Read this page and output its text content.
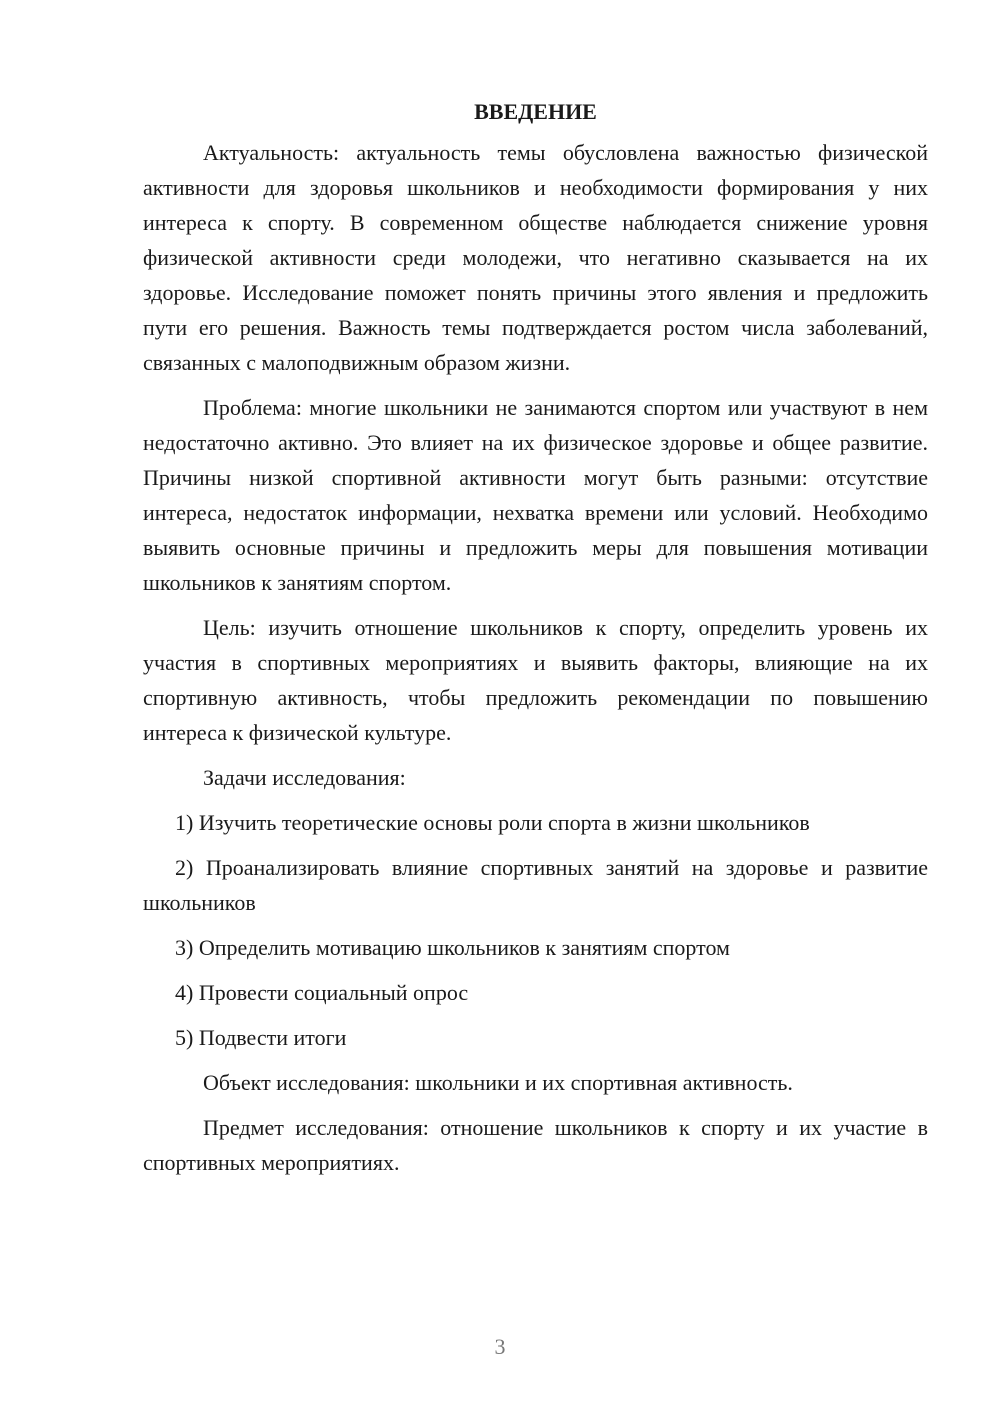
ВВЕДЕНИЕ

Актуальность: актуальность темы обусловлена важностью физической активности для здоровья школьников и необходимости формирования у них интереса к спорту. В современном обществе наблюдается снижение уровня физической активности среди молодежи, что негативно сказывается на их здоровье. Исследование поможет понять причины этого явления и предложить пути его решения. Важность темы подтверждается ростом числа заболеваний, связанных с малоподвижным образом жизни.

Проблема: многие школьники не занимаются спортом или участвуют в нем недостаточно активно. Это влияет на их физическое здоровье и общее развитие. Причины низкой спортивной активности могут быть разными: отсутствие интереса, недостаток информации, нехватка времени или условий. Необходимо выявить основные причины и предложить меры для повышения мотивации школьников к занятиям спортом.

Цель: изучить отношение школьников к спорту, определить уровень их участия в спортивных мероприятиях и выявить факторы, влияющие на их спортивную активность, чтобы предложить рекомендации по повышению интереса к физической культуре.

Задачи исследования:

1) Изучить теоретические основы роли спорта в жизни школьников

2) Проанализировать влияние спортивных занятий на здоровье и развитие школьников

3) Определить мотивацию школьников к занятиям спортом

4) Провести социальный опрос

5) Подвести итоги

Объект исследования: школьники и их спортивная активность.

Предмет исследования: отношение школьников к спорту и их участие в спортивных мероприятиях.

3
